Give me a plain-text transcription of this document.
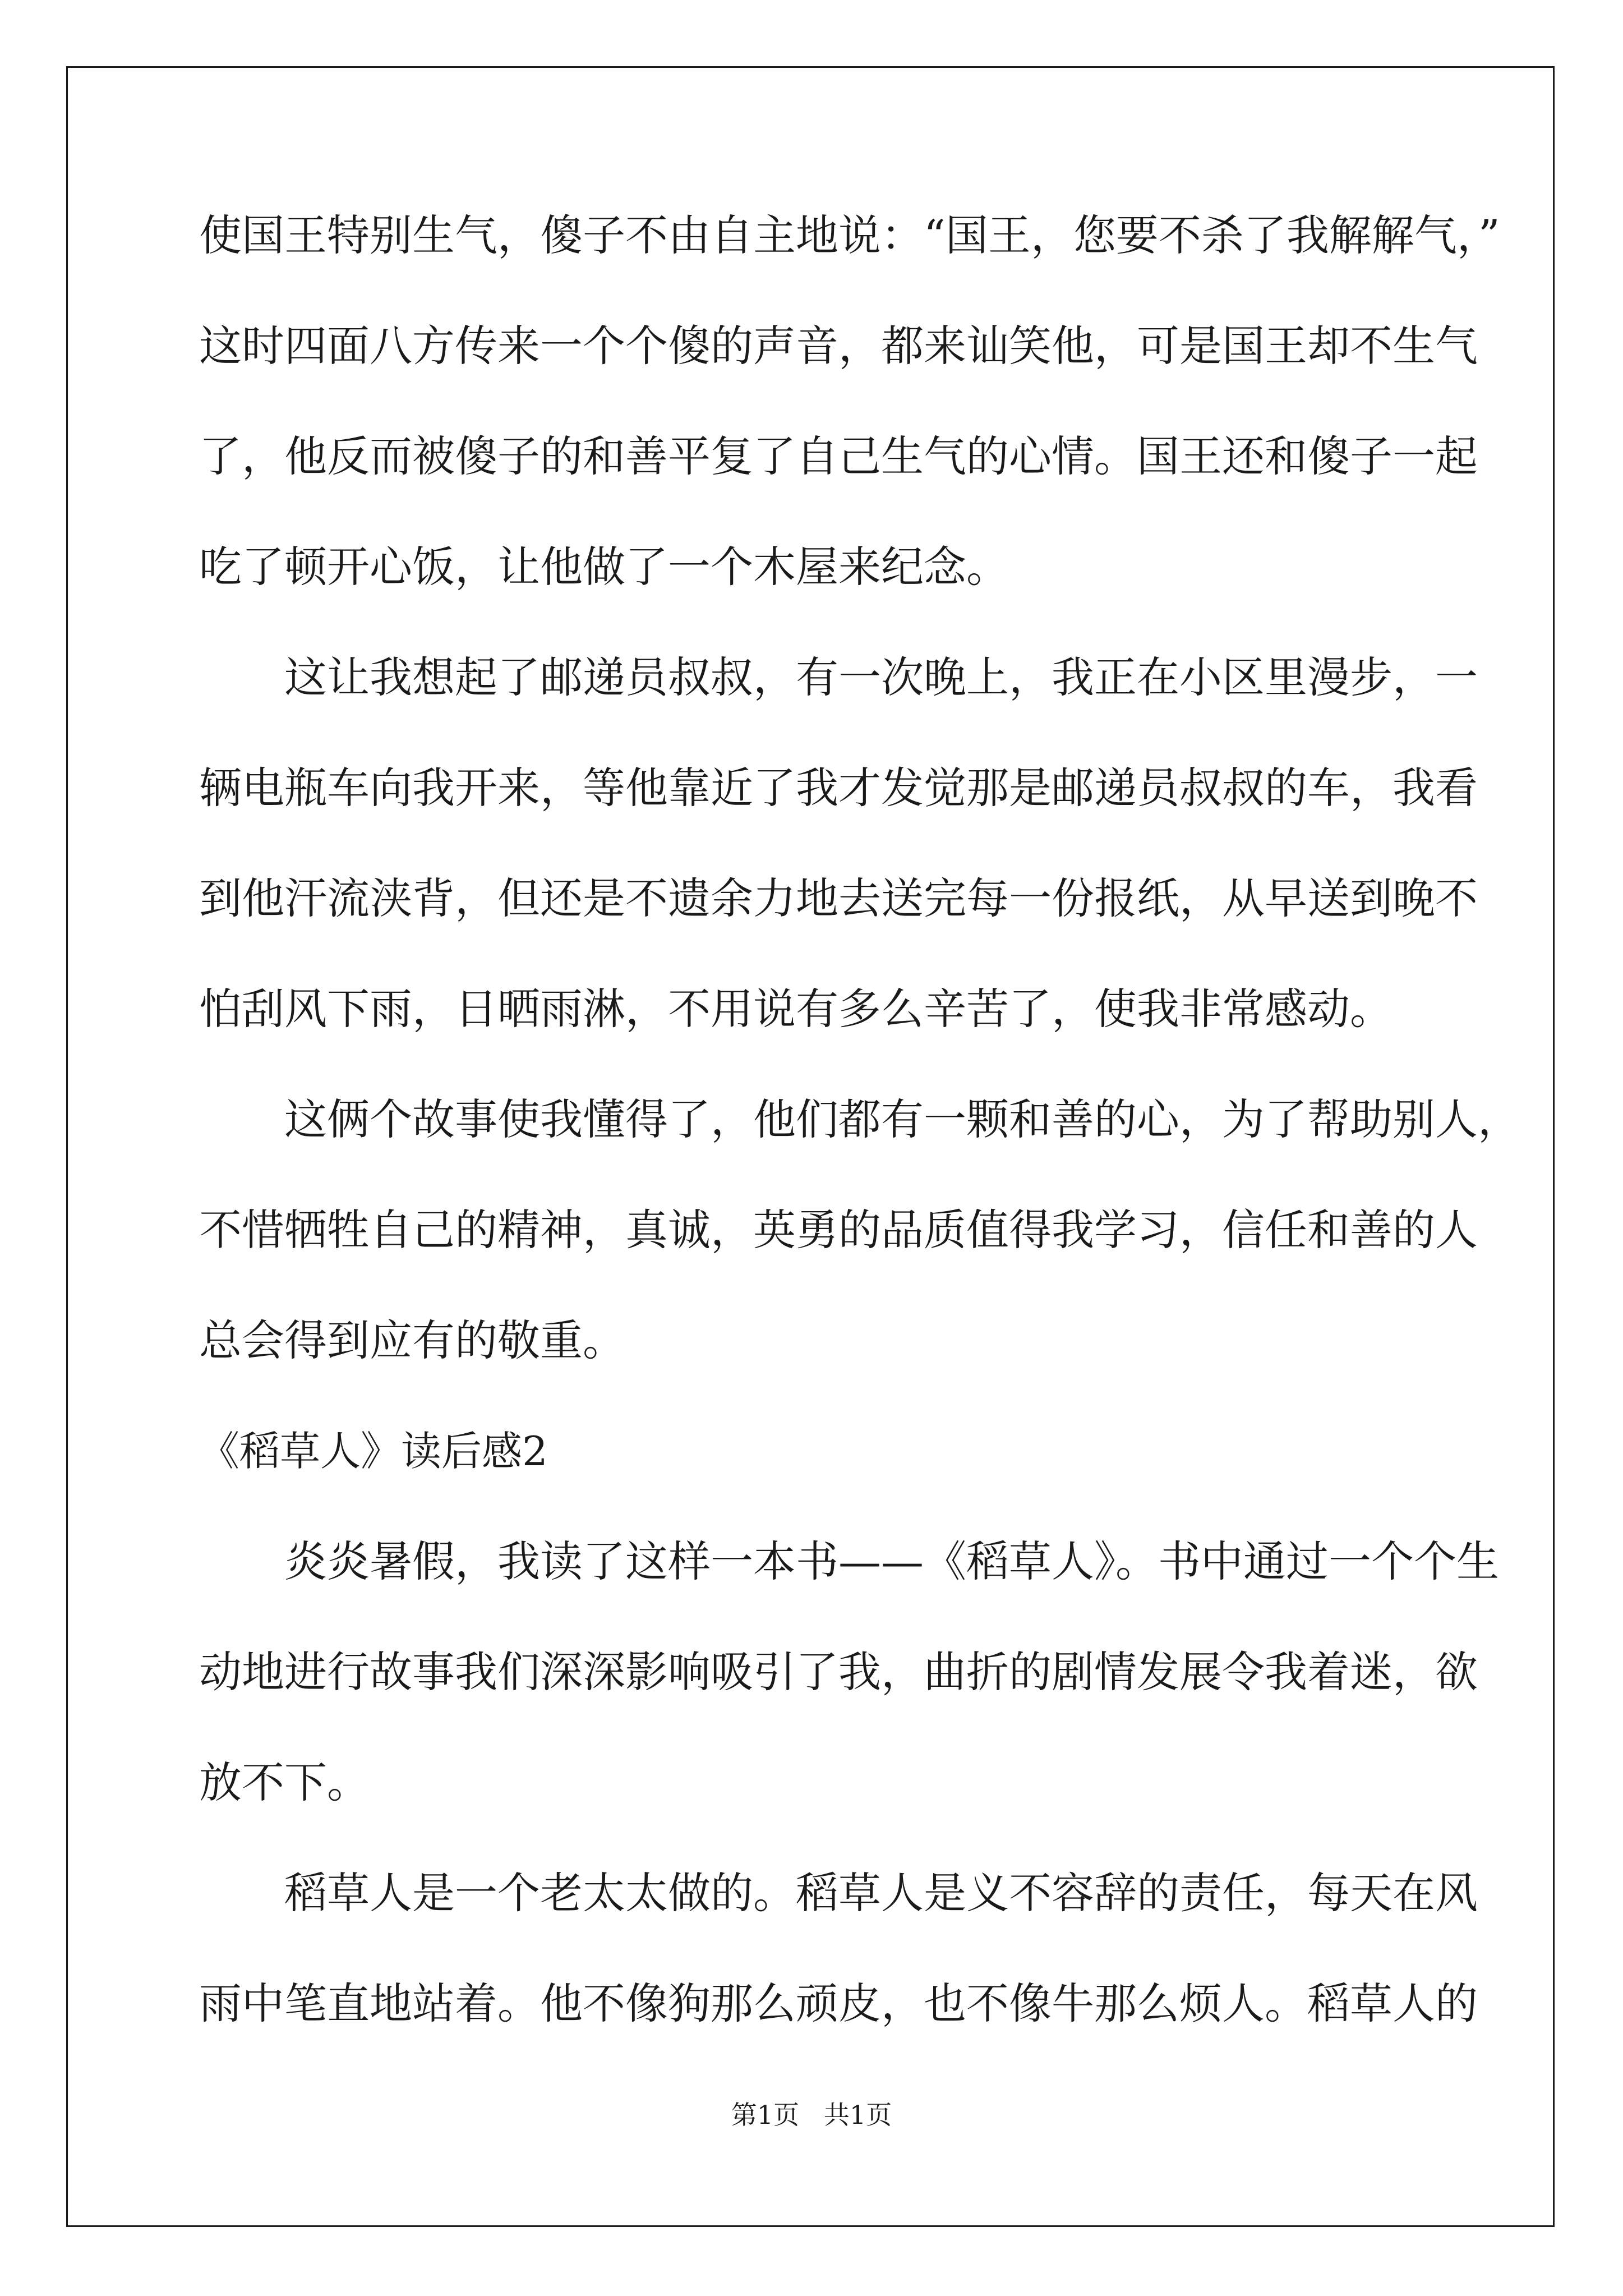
使国王特别生气，傻子不由自主地说：“国王，您要不杀了我解解气，”
这时四面八方传来一个个傻的声音，都来讪笑他，可是国王却不生气
了，他反而被傻子的和善平复了自己生气的心情。国王还和傻子一起
吃了顿开心饭，让他做了一个木屋来纪念。
这让我想起了邮递员叔叔，有一次晚上，我正在小区里漫步，一
辆电瓶车向我开来，等他靠近了我才发觉那是邮递员叔叔的车，我看
到他汗流浃背，但还是不遗余力地去送完每一份报纸，从早送到晚不
怕刮风下雨，日晒雨淋，不用说有多么辛苦了，使我非常感动。
这俩个故事使我懂得了，他们都有一颗和善的心，为了帮助别人，
不惜牺牲自己的精神，真诚，英勇的品质值得我学习，信任和善的人
总会得到应有的敬重。
《稻草人》读后感2
炎炎暑假，我读了这样一本书——《稻草人》。书中通过一个个生
动地进行故事我们深深影响吸引了我，曲折的剧情发展令我着迷，欲
放不下。
稻草人是一个老太太做的。稻草人是义不容辞的责任，每天在风
雨中笔直地站着。他不像狗那么顽皮，也不像牛那么烦人。稻草人的
第1页   共1页
